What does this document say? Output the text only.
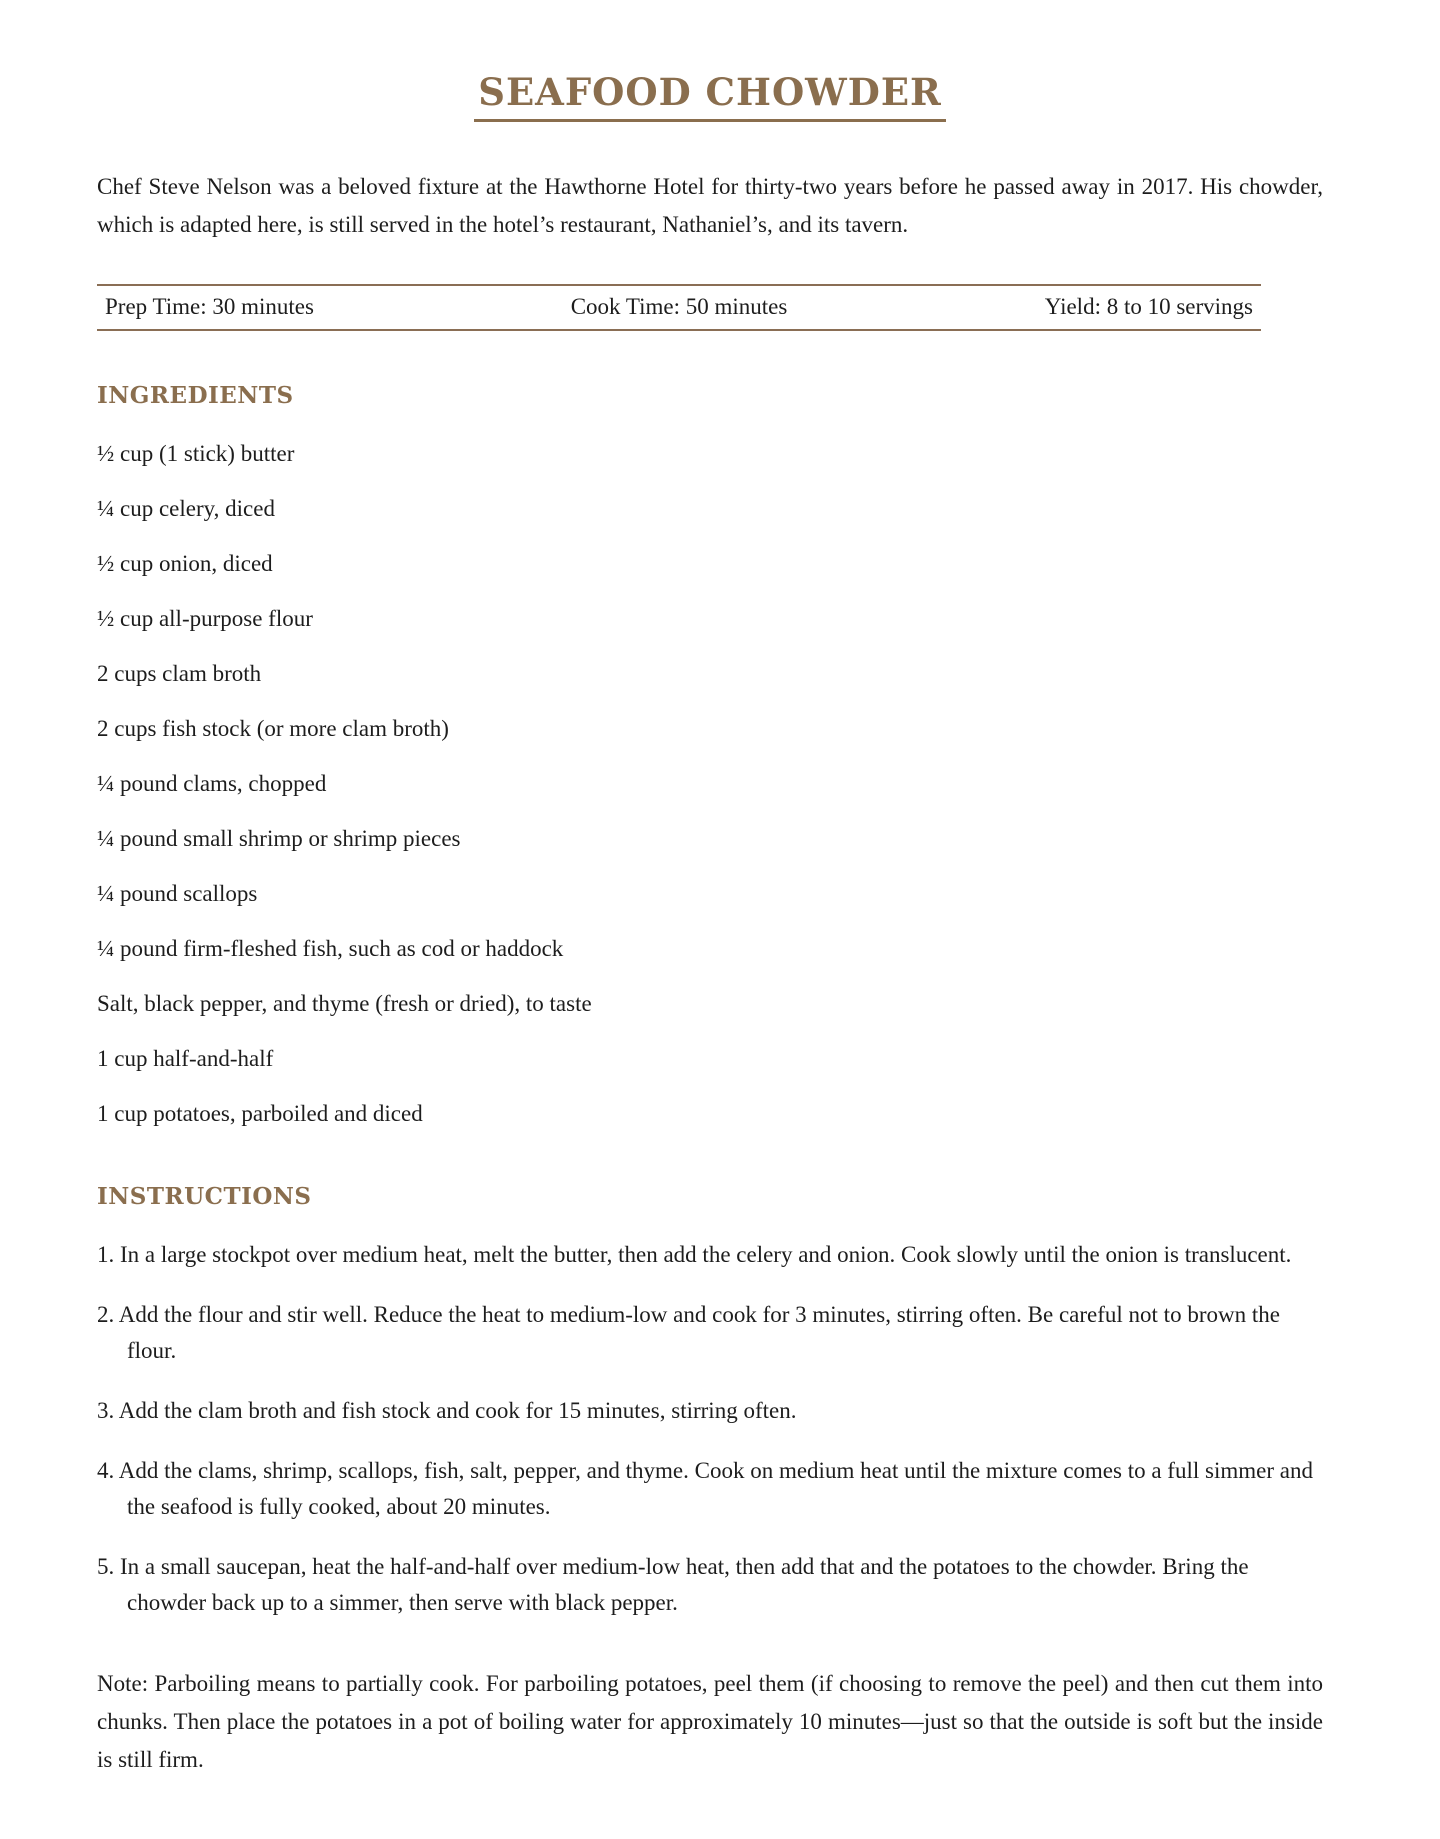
SEAFOOD CHOWDER

Chef Steve Nelson was a beloved fixture at the Hawthorne Hotel for thirty-two years before he passed away in 2017. His chowder, which is adapted here, is still served in the hotel’s restaurant, Nathaniel’s, and its tavern.

Prep Time: 30 minutes	Cook Time: 50 minutes	Yield: 8 to 10 servings
INGREDIENTS
½ cup (1 stick) butter
¼ cup celery, diced
½ cup onion, diced
½ cup all-purpose flour
2 cups clam broth
2 cups fish stock (or more clam broth)
¼ pound clams, chopped
¼ pound small shrimp or shrimp pieces
¼ pound scallops
¼ pound firm-fleshed fish, such as cod or haddock
Salt, black pepper, and thyme (fresh or dried), to taste
1 cup half-and-half
1 cup potatoes, parboiled and diced
INSTRUCTIONS
1. In a large stockpot over medium heat, melt the butter, then add the celery and onion. Cook slowly until the onion is translucent.
2. Add the flour and stir well. Reduce the heat to medium-low and cook for 3 minutes, stirring often. Be careful not to brown the flour.
3. Add the clam broth and fish stock and cook for 15 minutes, stirring often.
4. Add the clams, shrimp, scallops, fish, salt, pepper, and thyme. Cook on medium heat until the mixture comes to a full simmer and the seafood is fully cooked, about 20 minutes.
5. In a small saucepan, heat the half-and-half over medium-low heat, then add that and the potatoes to the chowder. Bring the chowder back up to a simmer, then serve with black pepper.

Note: Parboiling means to partially cook. For parboiling potatoes, peel them (if choosing to remove the peel) and then cut them into chunks. Then place the potatoes in a pot of boiling water for approximately 10 minutes—just so that the outside is soft but the inside is still firm.
